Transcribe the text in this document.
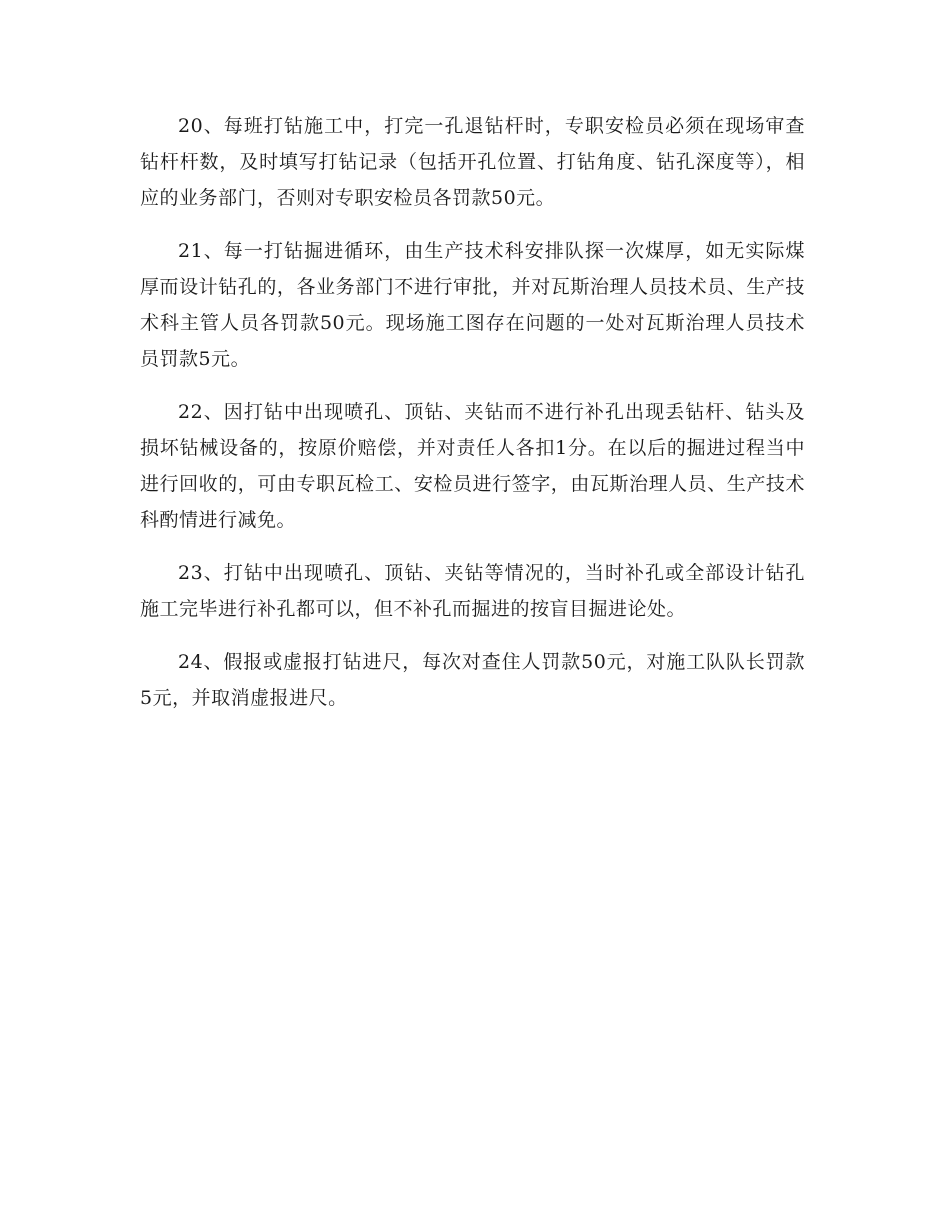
20、每班打钻施工中，打完一孔退钻杆时，专职安检员必须在现场审查钻杆杆数，及时填写打钻记录（包括开孔位置、打钻角度、钻孔深度等），相应的业务部门，否则对专职安检员各罚款50元。

21、每一打钻掘进循环，由生产技术科安排队探一次煤厚，如无实际煤厚而设计钻孔的，各业务部门不进行审批，并对瓦斯治理人员技术员、生产技术科主管人员各罚款50元。现场施工图存在问题的一处对瓦斯治理人员技术员罚款5元。

22、因打钻中出现喷孔、顶钻、夹钻而不进行补孔出现丢钻杆、钻头及损坏钻械设备的，按原价赔偿，并对责任人各扣1分。在以后的掘进过程当中进行回收的，可由专职瓦检工、安检员进行签字，由瓦斯治理人员、生产技术科酌情进行减免。

23、打钻中出现喷孔、顶钻、夹钻等情况的，当时补孔或全部设计钻孔施工完毕进行补孔都可以，但不补孔而掘进的按盲目掘进论处。

24、假报或虚报打钻进尺，每次对查住人罚款50元，对施工队队长罚款5元，并取消虚报进尺。
